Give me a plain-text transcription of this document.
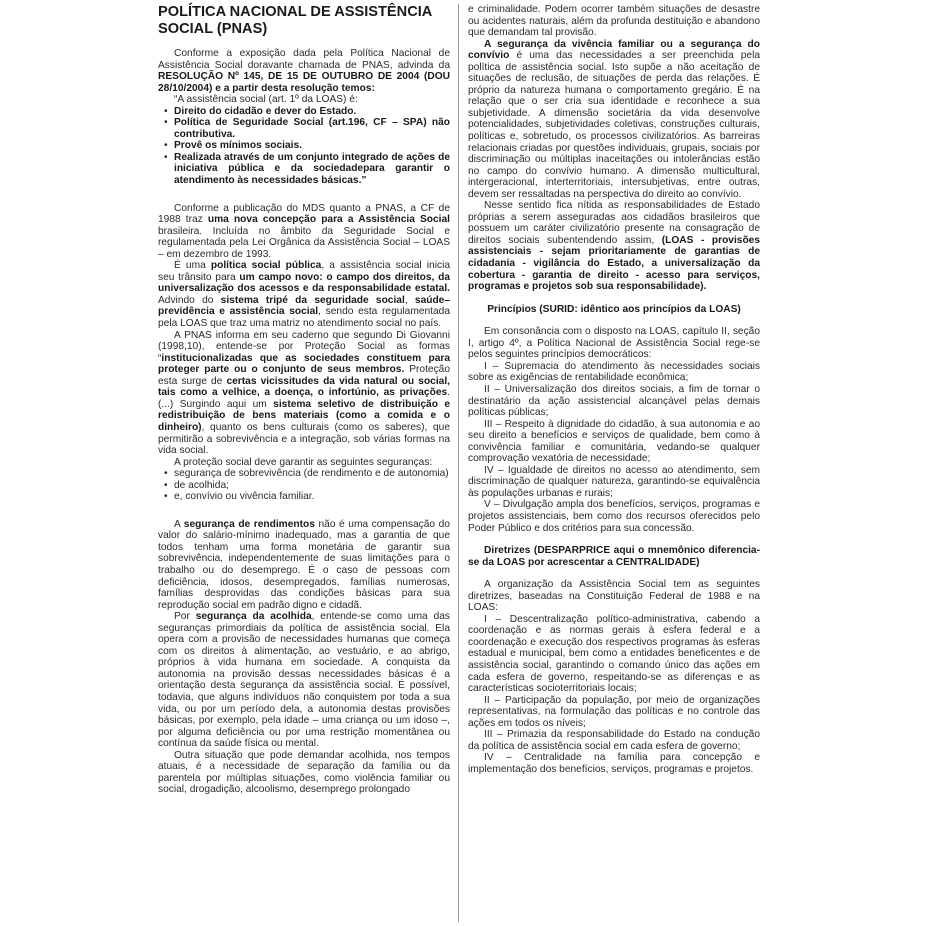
POLÍTICA NACIONAL DE ASSISTÊNCIA SOCIAL (PNAS)

Conforme a exposição dada pela Política Nacional de Assistência Social doravante chamada de PNAS, advinda da RESOLUÇÃO Nº 145, DE 15 DE OUTUBRO DE 2004 (DOU 28/10/2004) e a partir desta resolução temos:

“A assistência social (art. 1º da LOAS) é:

• Direito do cidadão e dever do Estado.
• Política de Seguridade Social (art.196, CF – SPA) não contributiva.
• Provê os mínimos sociais.
• Realizada através de um conjunto integrado de ações de iniciativa pública e da sociedadepara garantir o atendimento às necessidades básicas.”

Conforme a publicação do MDS quanto a PNAS, a CF de 1988 traz uma nova concepção para a Assistência Social brasileira. Incluída no âmbito da Seguridade Social e regulamentada pela Lei Orgânica da Assistência Social – LOAS – em dezembro de 1993.

É uma política social pública, a assistência social inicia seu trânsito para um campo novo: o campo dos direitos, da universalização dos acessos e da responsabilidade estatal. Advindo do sistema tripé da seguridade social, saúde–previdência e assistência social, sendo esta regulamentada pela LOAS que traz uma matriz no atendimento social no país.

A PNAS informa em seu caderno que segundo Di Giovanni (1998,10), entende-se por Proteção Social as formas “institucionalizadas que as sociedades constituem para proteger parte ou o conjunto de seus membros. Proteção esta surge de certas vicissitudes da vida natural ou social, tais como a velhice, a doença, o infortúnio, as privações. (...) Surgindo aqui um sistema seletivo de distribuição e redistribuição de bens materiais (como a comida e o dinheiro), quanto os bens culturais (como os saberes), que permitirão a sobrevivência e a integração, sob várias formas na vida social.

A proteção social deve garantir as seguintes seguranças:

• segurança de sobrevivência (de rendimento e de autonomia)
• de acolhida;
• e, convívio ou vivência familiar.

A segurança de rendimentos não é uma compensação do valor do salário-mínimo inadequado, mas a garantia de que todos tenham uma forma monetária de garantir sua sobrevivência, independentemente de suas limitações para o trabalho ou do desemprego. É o caso de pessoas com deficiência, idosos, desempregados, famílias numerosas, famílias desprovidas das condições básicas para sua reprodução social em padrão digno e cidadã.

Por segurança da acolhida, entende-se como uma das seguranças primordiais da política de assistência social. Ela opera com a provisão de necessidades humanas que começa com os direitos à alimentação, ao vestuário, e ao abrigo, próprios à vida humana em sociedade. A conquista da autonomia na provisão dessas necessidades básicas é a orientação desta segurança da assistência social. É possível, todavia, que alguns indivíduos não conquistem por toda a sua vida, ou por um período dela, a autonomia destas provisões básicas, por exemplo, pela idade – uma criança ou um idoso –, por alguma deficiência ou por uma restrição momentânea ou contínua da saúde física ou mental.

Outra situação que pode demandar acolhida, nos tempos atuais, é a necessidade de separação da família ou da parentela por múltiplas situações, como violência familiar ou social, drogadição, alcoolismo, desemprego prolongado

e criminalidade. Podem ocorrer também situações de desastre ou acidentes naturais, além da profunda destituição e abandono que demandam tal provisão.

A segurança da vivência familiar ou a segurança do convívio é uma das necessidades a ser preenchida pela política de assistência social. Isto supõe a não aceitação de situações de reclusão, de situações de perda das relações. É próprio da natureza humana o comportamento gregário. É na relação que o ser cria sua identidade e reconhece a sua subjetividade. A dimensão societária da vida desenvolve potencialidades, subjetividades coletivas, construções culturais, políticas e, sobretudo, os processos civilizatórios. As barreiras relacionais criadas por questões individuais, grupais, sociais por discriminação ou múltiplas inaceitações ou intolerâncias estão no campo do convívio humano. A dimensão multicultural, intergeracional, interterritoriais, intersubjetivas, entre outras, devem ser ressaltadas na perspectiva do direito ao convívio.

Nesse sentido fica nítida as responsabilidades de Estado próprias a serem asseguradas aos cidadãos brasileiros que possuem um caráter civilizatório presente na consagração de direitos sociais subentendendo assim, (LOAS - provisões assistenciais - sejam prioritariamente de garantias de cidadania - vigilância do Estado, a universalização da cobertura - garantia de direito - acesso para serviços, programas e projetos sob sua responsabilidade).

Princípios (SURID: idêntico aos princípios da LOAS)

Em consonância com o disposto na LOAS, capítulo II, seção I, artigo 4º, a Política Nacional de Assistência Social rege-se pelos seguintes princípios democráticos:

I – Supremacia do atendimento às necessidades sociais sobre as exigências de rentabilidade econômica;

II – Universalização dos direitos sociais, a fim de tornar o destinatário da ação assistencial alcançável pelas demais políticas públicas;

III – Respeito à dignidade do cidadão, à sua autonomia e ao seu direito a benefícios e serviços de qualidade, bem como à convivência familiar e comunitária, vedando-se qualquer comprovação vexatória de necessidade;

IV – Igualdade de direitos no acesso ao atendimento, sem discriminação de qualquer natureza, garantindo-se equivalência às populações urbanas e rurais;

V – Divulgação ampla dos benefícios, serviços, programas e projetos assistenciais, bem como dos recursos oferecidos pelo Poder Público e dos critérios para sua concessão.

Diretrizes (DESPARPRICE aqui o mnemônico diferencia-se da LOAS por acrescentar a CENTRALIDADE)

A organização da Assistência Social tem as seguintes diretrizes, baseadas na Constituição Federal de 1988 e na LOAS:

I – Descentralização político-administrativa, cabendo a coordenação e as normas gerais à esfera federal e a coordenação e execução dos respectivos programas às esferas estadual e municipal, bem como a entidades beneficentes e de assistência social, garantindo o comando único das ações em cada esfera de governo, respeitando-se as diferenças e as características socioterritoriais locais;

II – Participação da população, por meio de organizações representativas, na formulação das políticas e no controle das ações em todos os níveis;

III – Primazia da responsabilidade do Estado na condução da política de assistência social em cada esfera de governo;

IV – Centralidade na família para concepção e implementação dos benefícios, serviços, programas e projetos.
